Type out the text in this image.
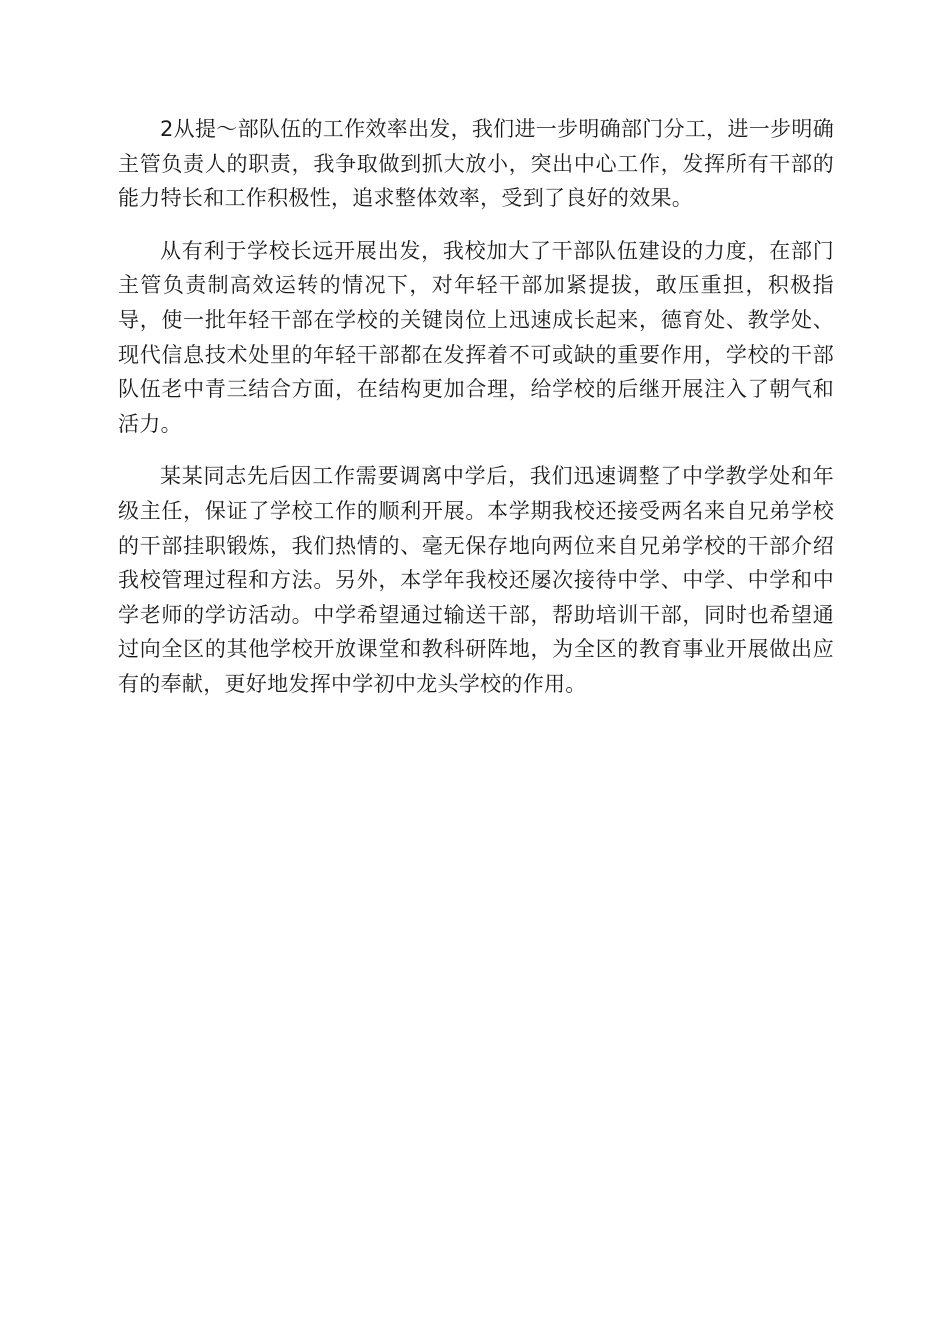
2从提～部队伍的工作效率出发，我们进一步明确部门分工，进一步明确主管负责人的职责，我争取做到抓大放小，突出中心工作，发挥所有干部的能力特长和工作积极性，追求整体效率，受到了良好的效果。

从有利于学校长远开展出发，我校加大了干部队伍建设的力度，在部门主管负责制高效运转的情况下，对年轻干部加紧提拔，敢压重担，积极指导，使一批年轻干部在学校的关键岗位上迅速成长起来，德育处、教学处、现代信息技术处里的年轻干部都在发挥着不可或缺的重要作用，学校的干部队伍老中青三结合方面，在结构更加合理，给学校的后继开展注入了朝气和活力。

某某同志先后因工作需要调离中学后，我们迅速调整了中学教学处和年级主任，保证了学校工作的顺利开展。本学期我校还接受两名来自兄弟学校的干部挂职锻炼，我们热情的、毫无保存地向两位来自兄弟学校的干部介绍我校管理过程和方法。另外，本学年我校还屡次接待中学、中学、中学和中学老师的学访活动。中学希望通过输送干部，帮助培训干部，同时也希望通过向全区的其他学校开放课堂和教科研阵地，为全区的教育事业开展做出应有的奉献，更好地发挥中学初中龙头学校的作用。
